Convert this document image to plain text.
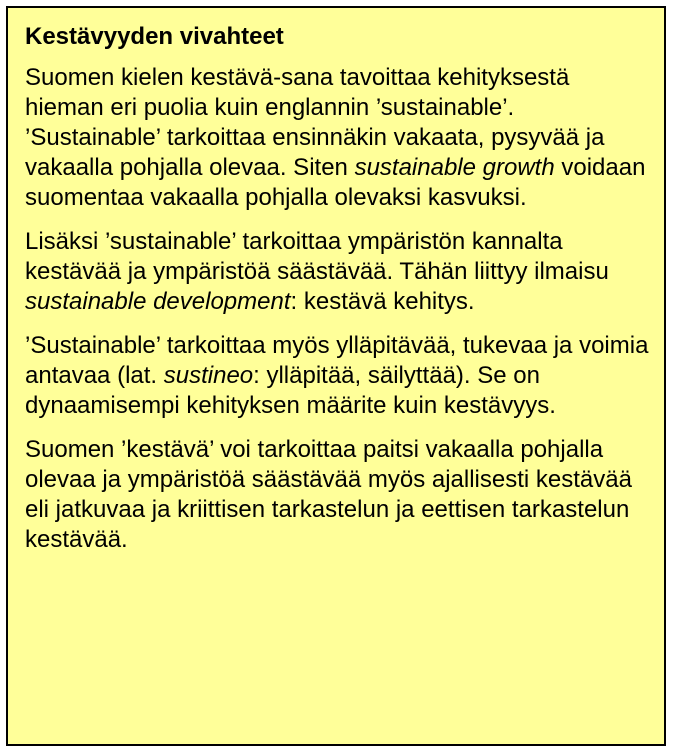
Kestävyyden vivahteet

Suomen kielen kestävä-sana tavoittaa kehityksestä hieman eri puolia kuin englannin ’sustainable’. ’Sustainable’ tarkoittaa ensinnäkin vakaata, pysyvää ja vakaalla pohjalla olevaa. Siten sustainable growth voidaan suomentaa vakaalla pohjalla olevaksi kasvuksi.

Lisäksi ’sustainable’ tarkoittaa ympäristön kannalta kestävää ja ympäristöä säästävää. Tähän liittyy ilmaisu sustainable development: kestävä kehitys.

’Sustainable’ tarkoittaa myös ylläpitävää, tukevaa ja voimia antavaa (lat. sustineo: ylläpitää, säilyttää). Se on dynaamisempi kehityksen määrite kuin kestävyys.

Suomen ’kestävä’ voi tarkoittaa paitsi vakaalla pohjalla olevaa ja ympäristöä säästävää myös ajallisesti kestävää eli jatkuvaa ja kriittisen tarkastelun ja eettisen tarkastelun kestävää.
